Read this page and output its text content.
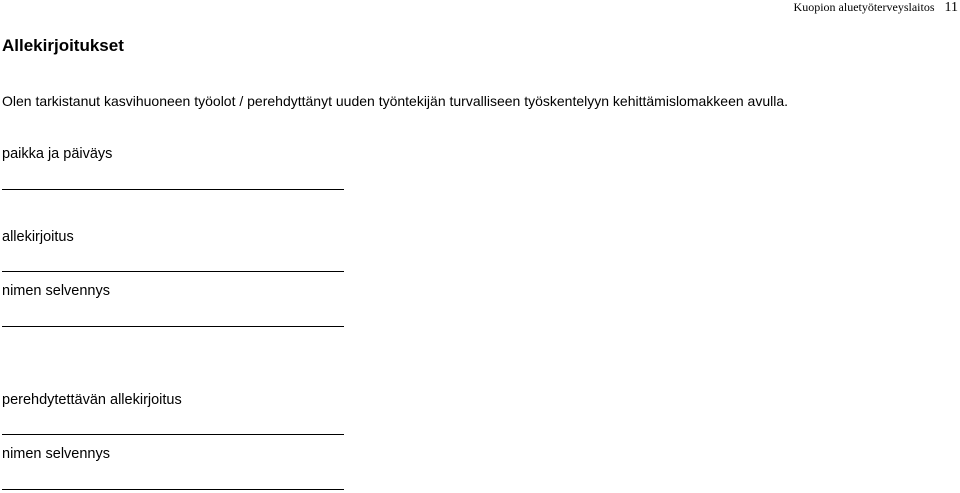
Kuopion aluetyöterveyslaitos 11
Allekirjoitukset

Olen tarkistanut kasvihuoneen työolot / perehdyttänyt uuden työntekijän turvalliseen työskentelyyn kehittämislomakkeen avulla.

paikka ja päiväys

allekirjoitus

nimen selvennys

perehdytettävän allekirjoitus

nimen selvennys
